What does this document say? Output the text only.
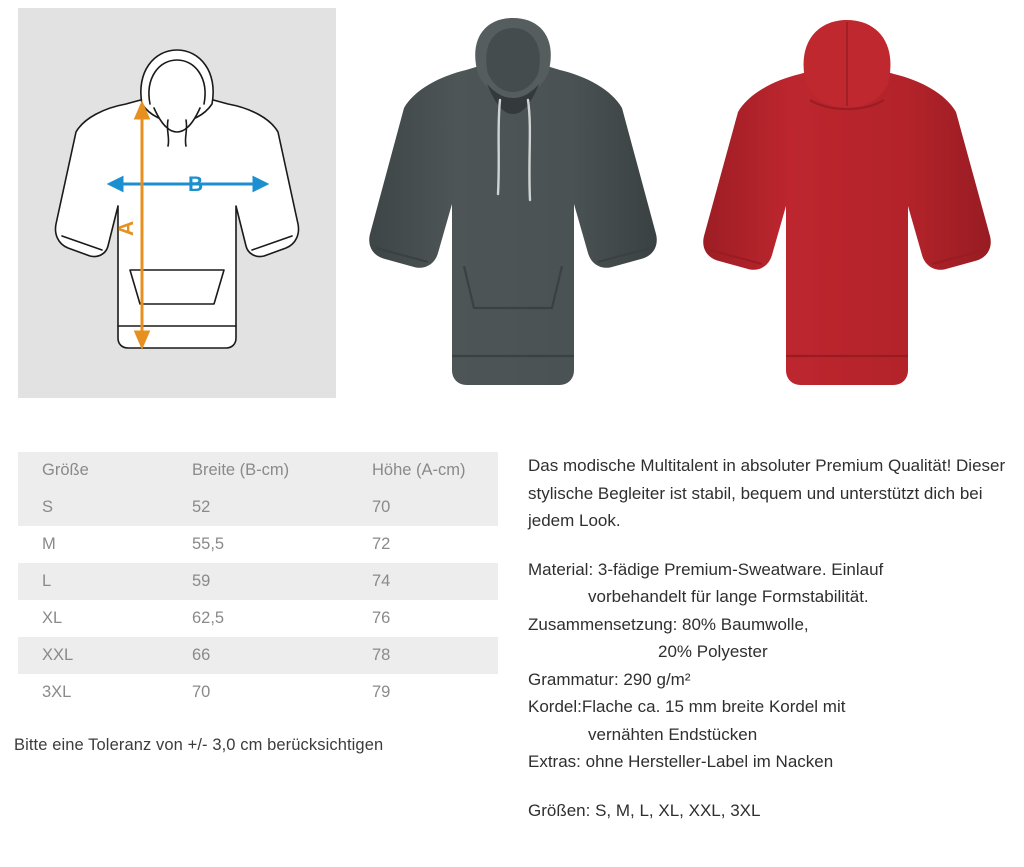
B
A
Größe	Breite (B-cm)	Höhe (A-cm)
S	52	70
M	55,5	72
L	59	74
XL	62,5	76
XXL	66	78
3XL	70	79
Bitte eine Toleranz von +/- 3,0 cm berücksichtigen

Das modische Multitalent in absoluter Premium Qualität! Dieser stylische Begleiter ist stabil, bequem und unterstützt dich bei jedem Look.

Material: 3-fädige Premium-Sweatware. Einlauf

vorbehandelt für lange Formstabilität.

Zusammensetzung: 80% Baumwolle,

20% Polyester

Grammatur: 290 g/m²

Kordel:Flache ca. 15 mm breite Kordel mit

vernähten Endstücken

Extras: ohne Hersteller-Label im Nacken

Größen: S, M, L, XL, XXL, 3XL
